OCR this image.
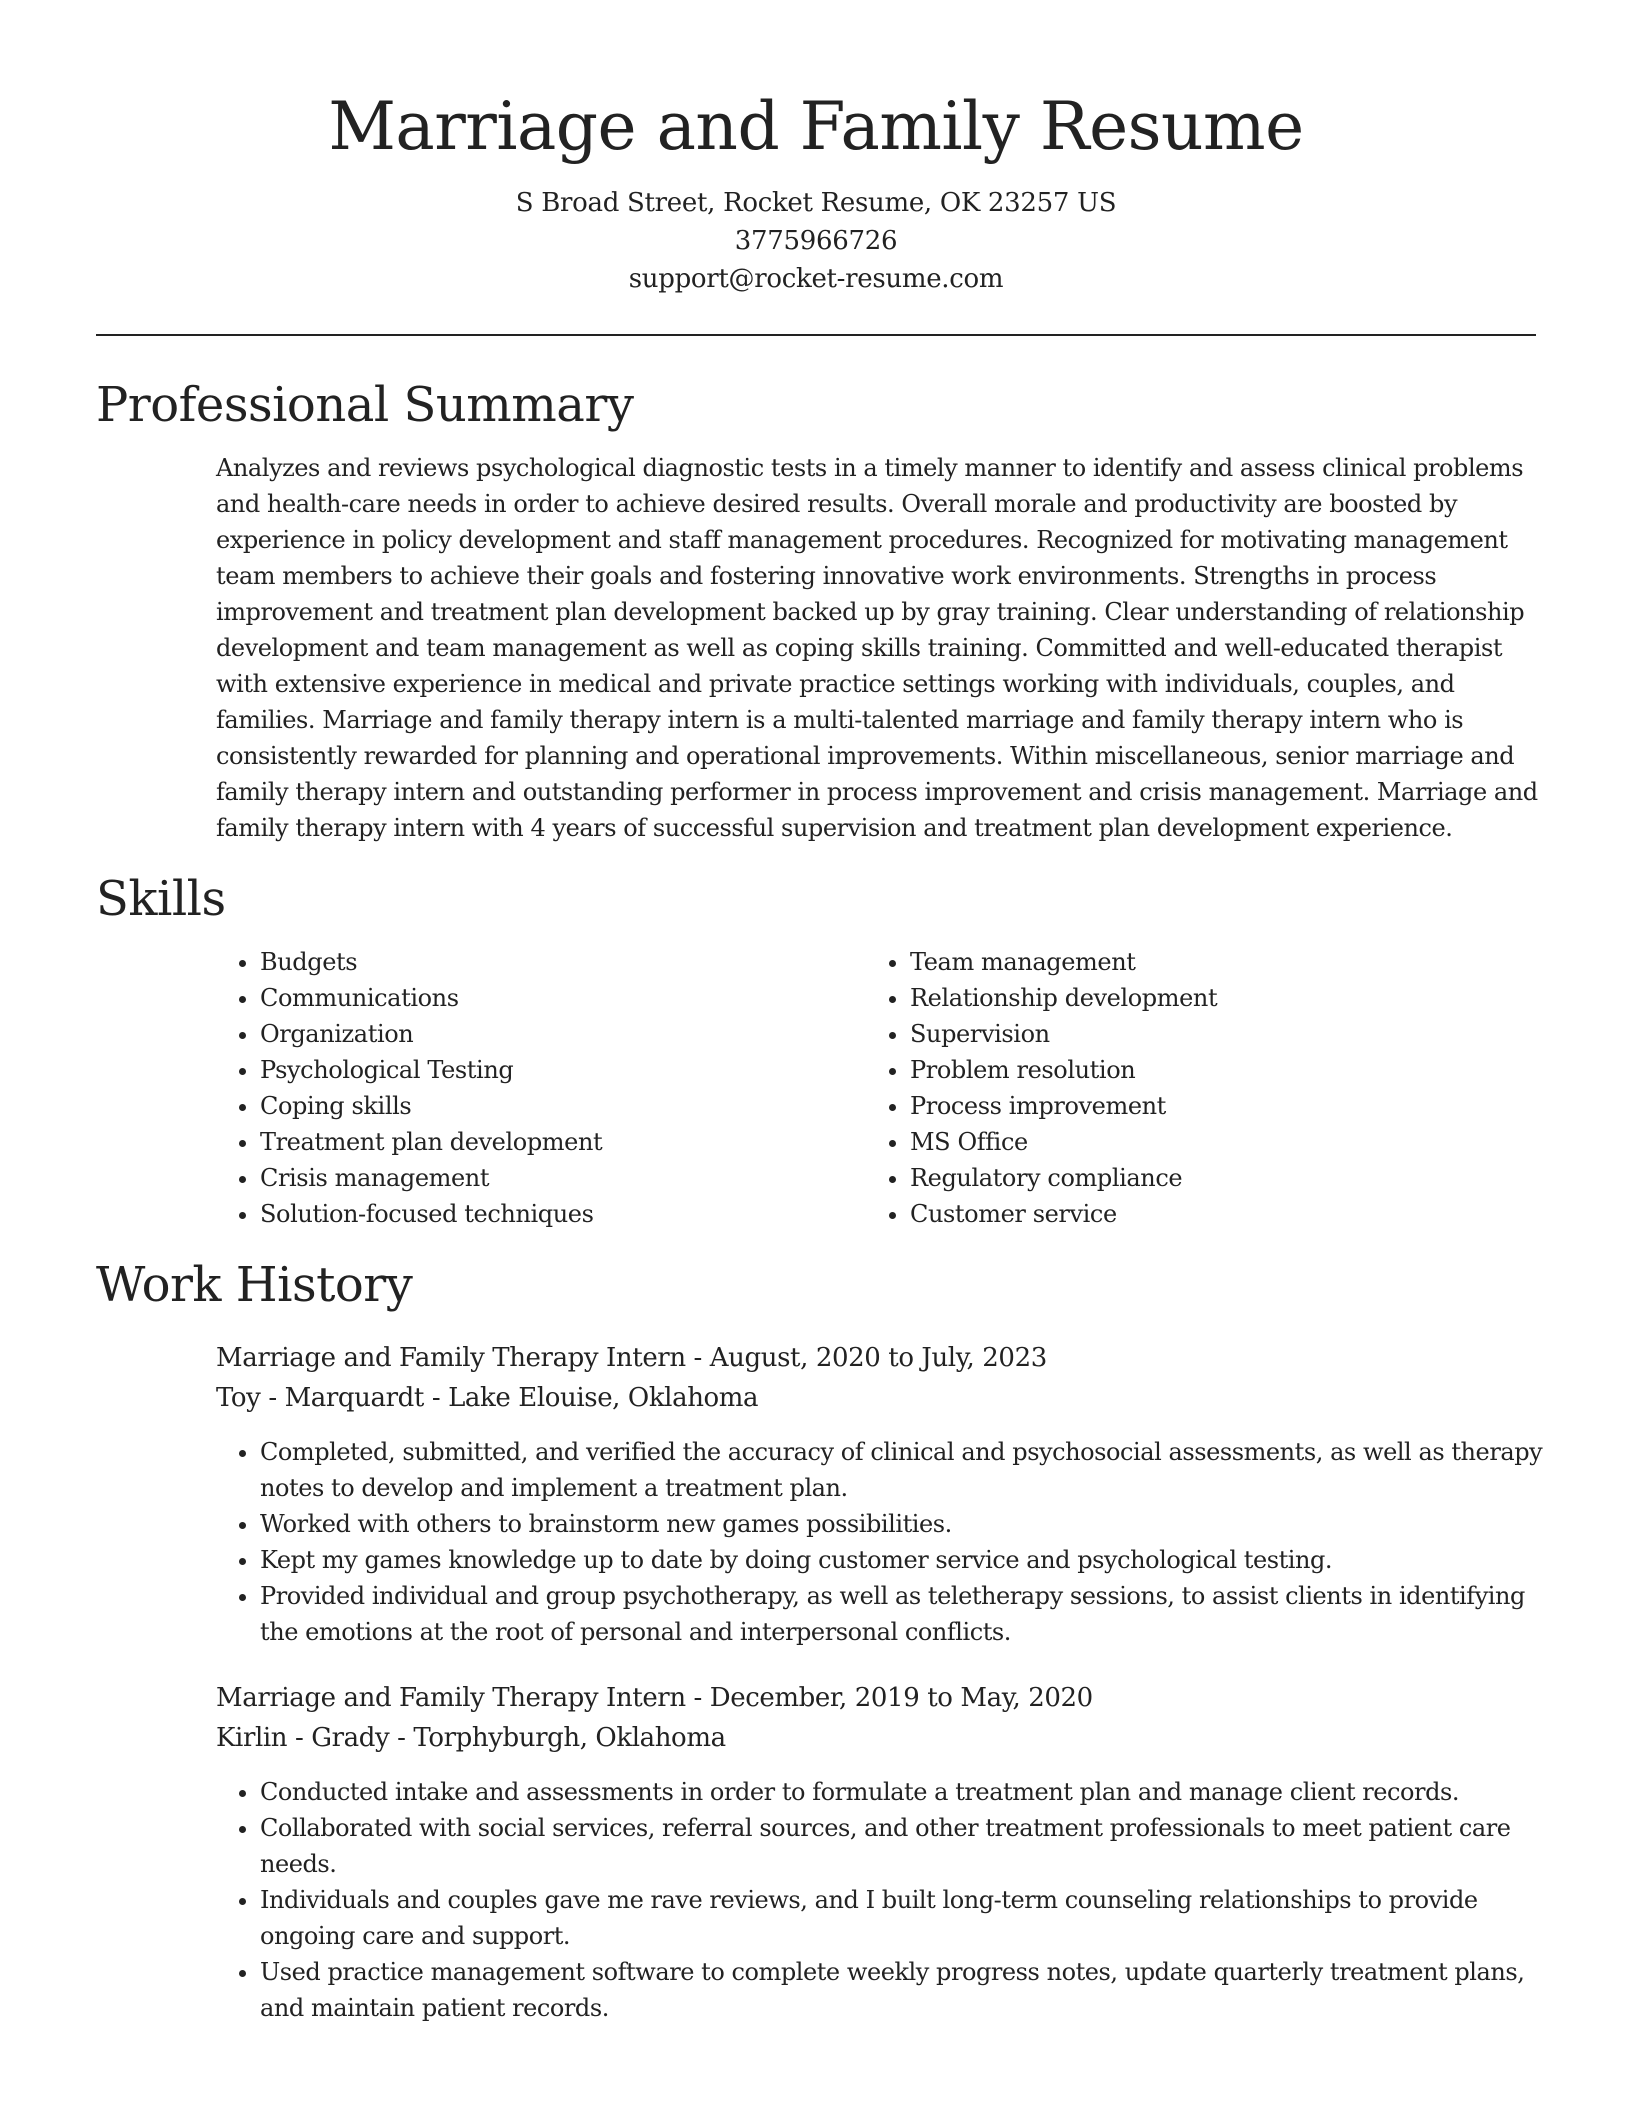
Marriage and Family Resume
S Broad Street, Rocket Resume, OK 23257 US
3775966726
support@rocket-resume.com
Professional Summary

Analyzes and reviews psychological diagnostic tests in a timely manner to identify and assess clinical problems and health-care needs in order to achieve desired results. Overall morale and productivity are boosted by experience in policy development and staff management procedures. Recognized for motivating management team members to achieve their goals and fostering innovative work environments. Strengths in process improvement and treatment plan development backed up by gray training. Clear understanding of relationship development and team management as well as coping skills training. Committed and well-educated therapist with extensive experience in medical and private practice settings working with individuals, couples, and families. Marriage and family therapy intern is a multi-talented marriage and family therapy intern who is consistently rewarded for planning and operational improvements. Within miscellaneous, senior marriage and family therapy intern and outstanding performer in process improvement and crisis management. Marriage and family therapy intern with 4 years of successful supervision and treatment plan development experience.

Skills
• Budgets
• Communications
• Organization
• Psychological Testing
• Coping skills
• Treatment plan development
• Crisis management
• Solution-focused techniques
• Team management
• Relationship development
• Supervision
• Problem resolution
• Process improvement
• MS Office
• Regulatory compliance
• Customer service
Work History
Marriage and Family Therapy Intern - August, 2020 to July, 2023
Toy - Marquardt - Lake Elouise, Oklahoma
• Completed, submitted, and verified the accuracy of clinical and psychosocial assessments, as well as therapy notes to develop and implement a treatment plan.
• Worked with others to brainstorm new games possibilities.
• Kept my games knowledge up to date by doing customer service and psychological testing.
• Provided individual and group psychotherapy, as well as teletherapy sessions, to assist clients in identifying the emotions at the root of personal and interpersonal conflicts.
Marriage and Family Therapy Intern - December, 2019 to May, 2020
Kirlin - Grady - Torphyburgh, Oklahoma
• Conducted intake and assessments in order to formulate a treatment plan and manage client records.
• Collaborated with social services, referral sources, and other treatment professionals to meet patient care needs.
• Individuals and couples gave me rave reviews, and I built long-term counseling relationships to provide ongoing care and support.
• Used practice management software to complete weekly progress notes, update quarterly treatment plans, and maintain patient records.
